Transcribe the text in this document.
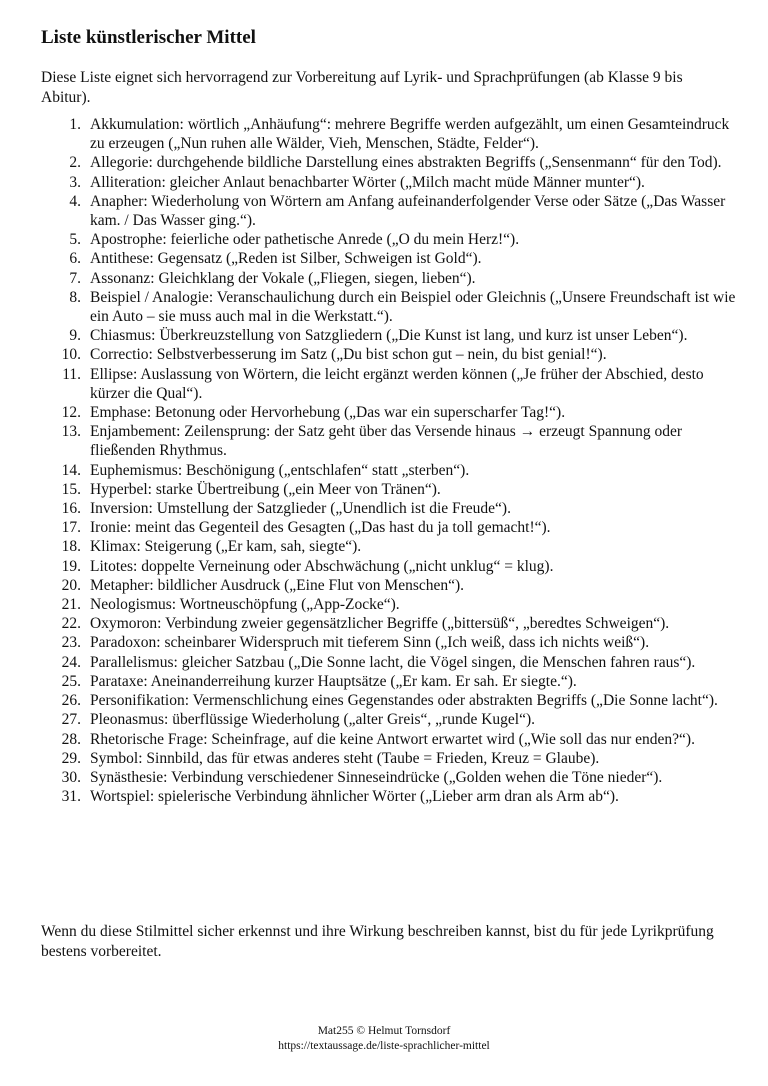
Liste künstlerischer Mittel

Diese Liste eignet sich hervorragend zur Vorbereitung auf Lyrik- und Sprachprüfungen (ab Klasse 9 bis Abitur).

1. Akkumulation: wörtlich „Anhäufung“: mehrere Begriffe werden aufgezählt, um einen Gesamteindruck zu erzeugen („Nun ruhen alle Wälder, Vieh, Menschen, Städte, Felder“).
2. Allegorie: durchgehende bildliche Darstellung eines abstrakten Begriffs („Sensenmann“ für den Tod).
3. Alliteration: gleicher Anlaut benachbarter Wörter („Milch macht müde Männer munter“).
4. Anapher: Wiederholung von Wörtern am Anfang aufeinanderfolgender Verse oder Sätze („Das Wasser kam. / Das Wasser ging.“).
5. Apostrophe: feierliche oder pathetische Anrede („O du mein Herz!“).
6. Antithese: Gegensatz („Reden ist Silber, Schweigen ist Gold“).
7. Assonanz: Gleichklang der Vokale („Fliegen, siegen, lieben“).
8. Beispiel / Analogie: Veranschaulichung durch ein Beispiel oder Gleichnis („Unsere Freundschaft ist wie ein Auto – sie muss auch mal in die Werkstatt.“).
9. Chiasmus: Überkreuzstellung von Satzgliedern („Die Kunst ist lang, und kurz ist unser Leben“).
10. Correctio: Selbstverbesserung im Satz („Du bist schon gut – nein, du bist genial!“).
11. Ellipse: Auslassung von Wörtern, die leicht ergänzt werden können („Je früher der Abschied, desto kürzer die Qual“).
12. Emphase: Betonung oder Hervorhebung („Das war ein superscharfer Tag!“).
13. Enjambement: Zeilensprung: der Satz geht über das Versende hinaus → erzeugt Spannung oder fließenden Rhythmus.
14. Euphemismus: Beschönigung („entschlafen“ statt „sterben“).
15. Hyperbel: starke Übertreibung („ein Meer von Tränen“).
16. Inversion: Umstellung der Satzglieder („Unendlich ist die Freude“).
17. Ironie: meint das Gegenteil des Gesagten („Das hast du ja toll gemacht!“).
18. Klimax: Steigerung („Er kam, sah, siegte“).
19. Litotes: doppelte Verneinung oder Abschwächung („nicht unklug“ = klug).
20. Metapher: bildlicher Ausdruck („Eine Flut von Menschen“).
21. Neologismus: Wortneuschöpfung („App-Zocke“).
22. Oxymoron: Verbindung zweier gegensätzlicher Begriffe („bittersüß“, „beredtes Schweigen“).
23. Paradoxon: scheinbarer Widerspruch mit tieferem Sinn („Ich weiß, dass ich nichts weiß“).
24. Parallelismus: gleicher Satzbau („Die Sonne lacht, die Vögel singen, die Menschen fahren raus“).
25. Parataxe: Aneinanderreihung kurzer Hauptsätze („Er kam. Er sah. Er siegte.“).
26. Personifikation: Vermenschlichung eines Gegenstandes oder abstrakten Begriffs („Die Sonne lacht“).
27. Pleonasmus: überflüssige Wiederholung („alter Greis“, „runde Kugel“).
28. Rhetorische Frage: Scheinfrage, auf die keine Antwort erwartet wird („Wie soll das nur enden?“).
29. Symbol: Sinnbild, das für etwas anderes steht (Taube = Frieden, Kreuz = Glaube).
30. Synästhesie: Verbindung verschiedener Sinneseindrücke („Golden wehen die Töne nieder“).
31. Wortspiel: spielerische Verbindung ähnlicher Wörter („Lieber arm dran als Arm ab“).

Wenn du diese Stilmittel sicher erkennst und ihre Wirkung beschreiben kannst, bist du für jede Lyrikprüfung bestens vorbereitet.

Mat255 © Helmut Tornsdorf
https://textaussage.de/liste-sprachlicher-mittel
